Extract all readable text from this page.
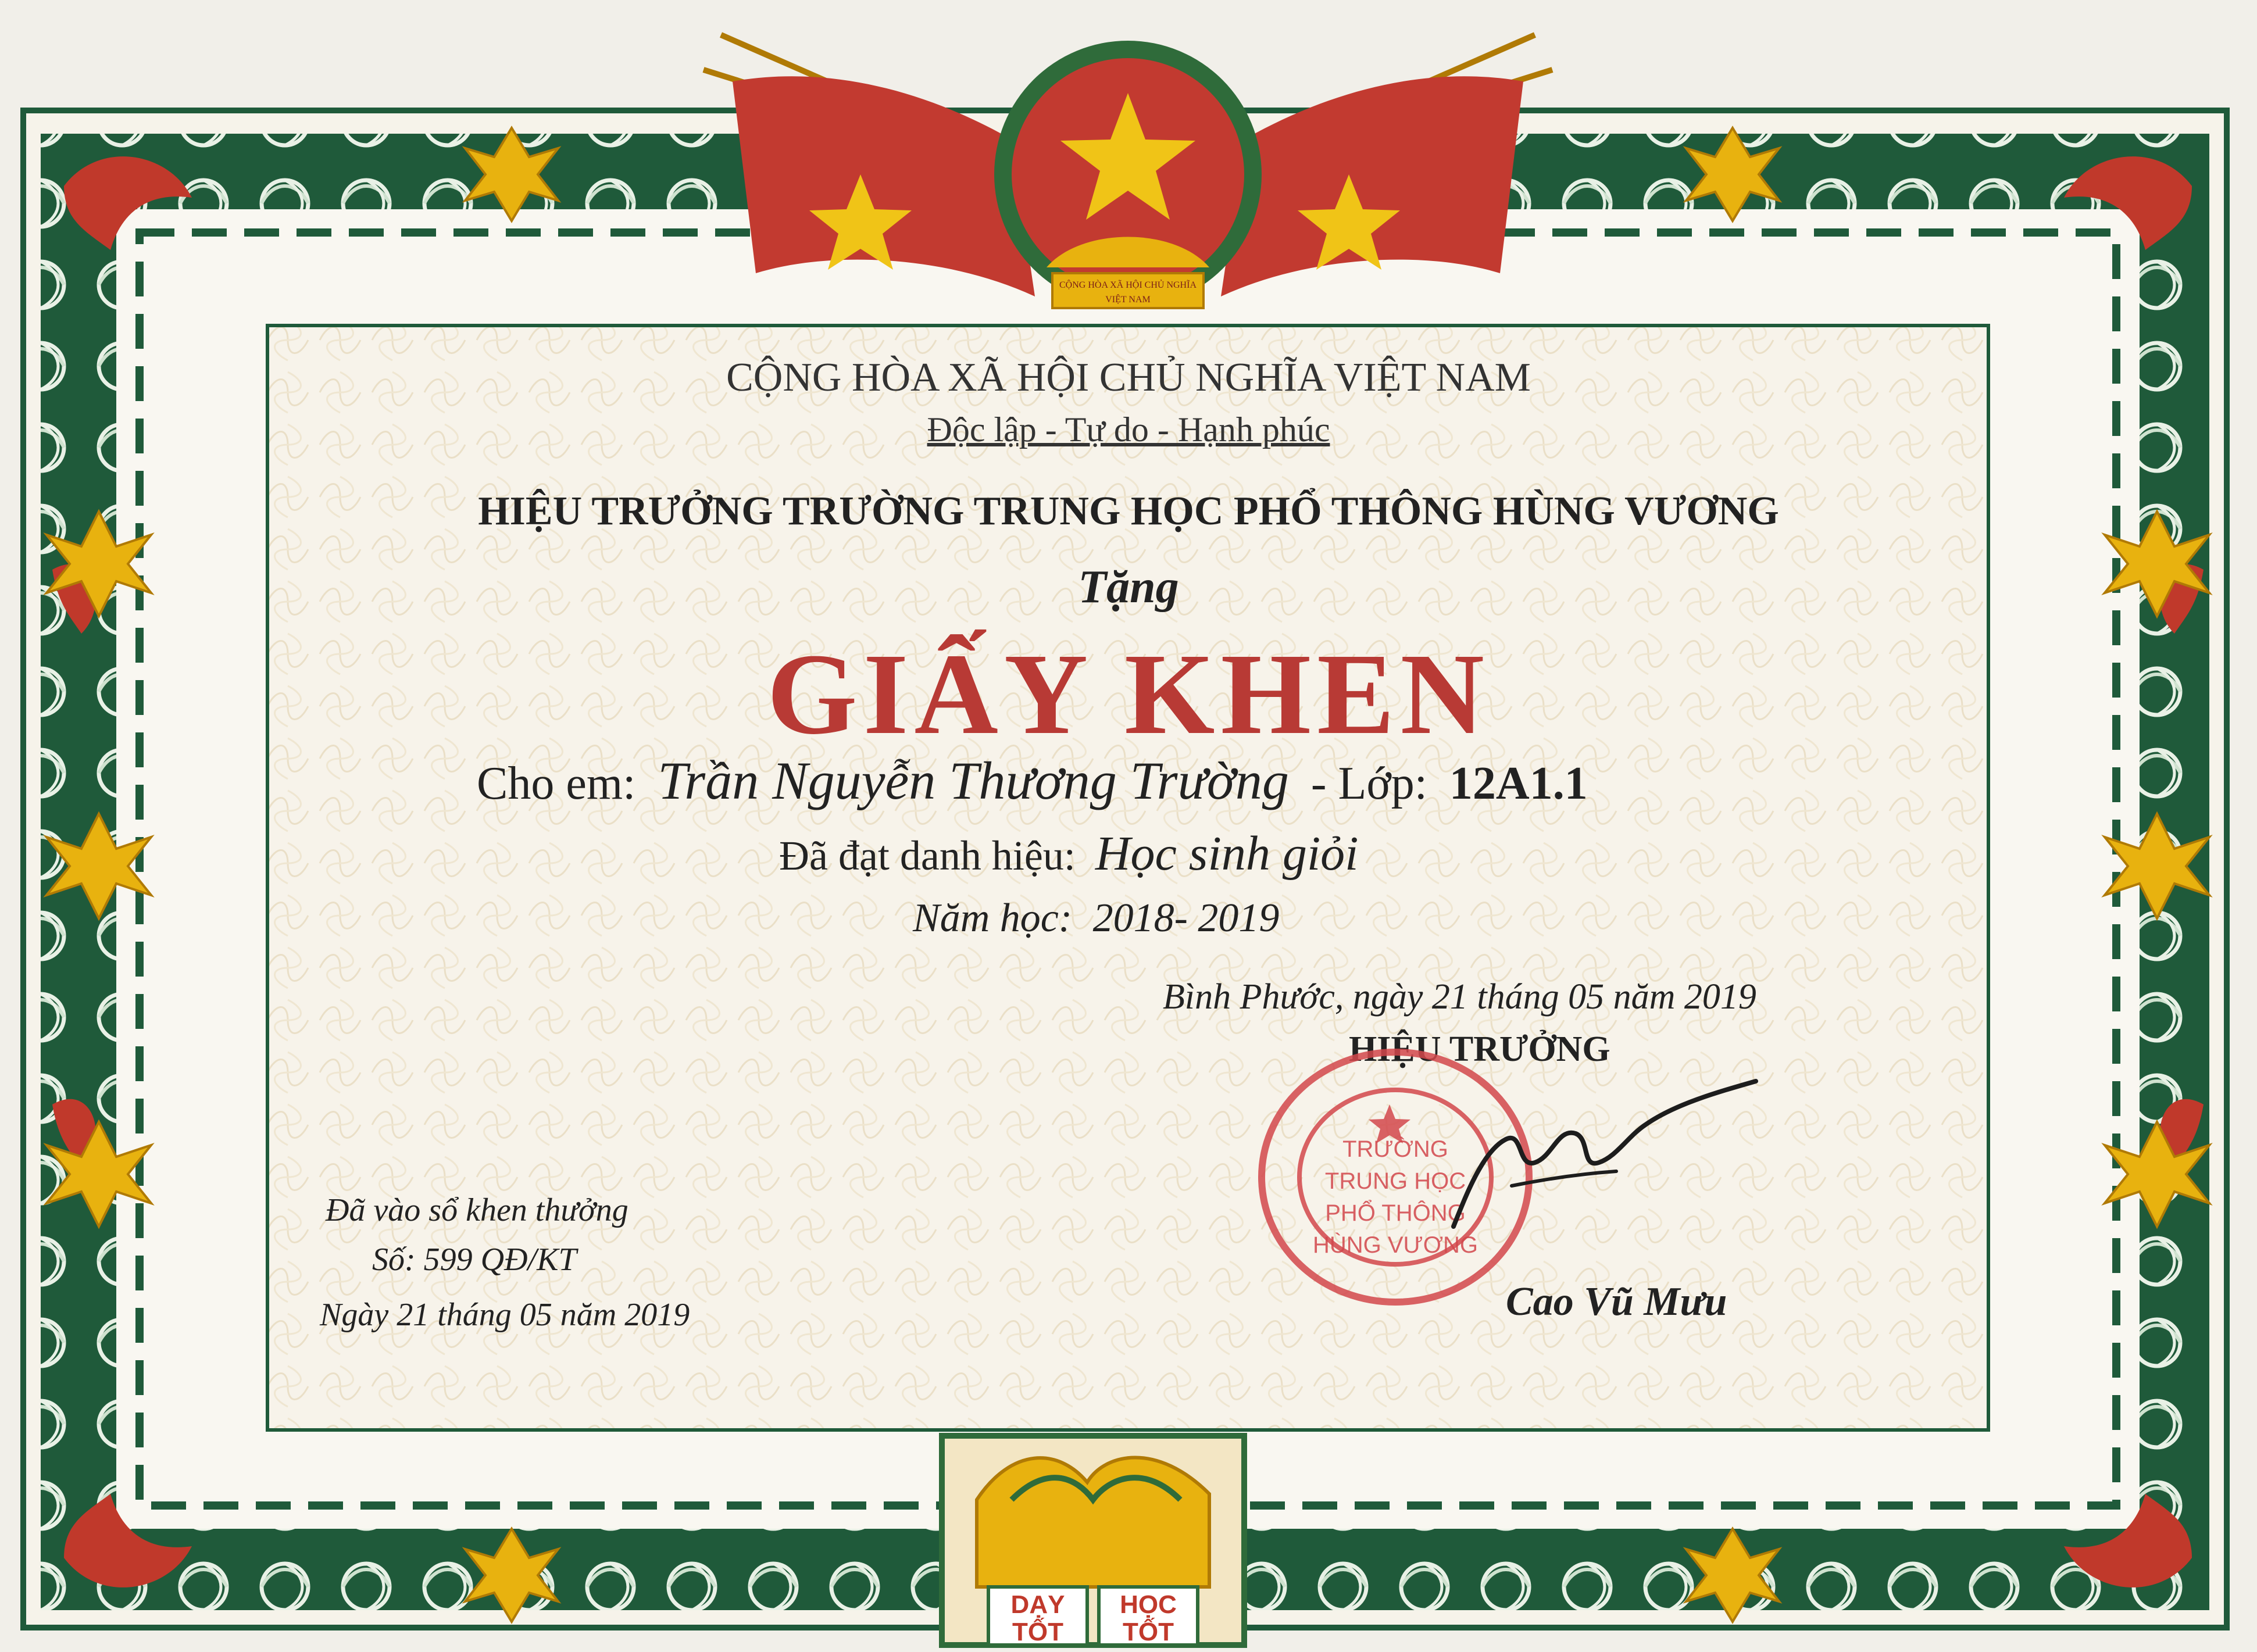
CỘNG HÒA XÃ HỘI CHỦ NGHĨA
VIỆT NAM
CỘNG HÒA XÃ HỘI CHỦ NGHĨA VIỆT NAM
Độc lập - Tự do - Hạnh phúc
HIỆU TRƯỞNG TRƯỜNG TRUNG HỌC PHỔ THÔNG HÙNG VƯƠNG
Tặng
GIẤY KHEN
Cho em: Trần Nguyễn Thương Trường - Lớp: 12A1.1
Đã đạt danh hiệu: Học sinh giỏi
Năm học: 2018- 2019
Bình Phước, ngày 21 tháng 05 năm 2019
HIỆU TRƯỞNG
TRƯỜNG
TRUNG HỌC
PHỔ THÔNG
HÙNG VƯƠNG
Cao Vũ Mưu
Đã vào sổ khen thưởng
Số: 599 QĐ/KT
Ngày 21 tháng 05 năm 2019
DẠY
TỐT
HỌC
TỐT
